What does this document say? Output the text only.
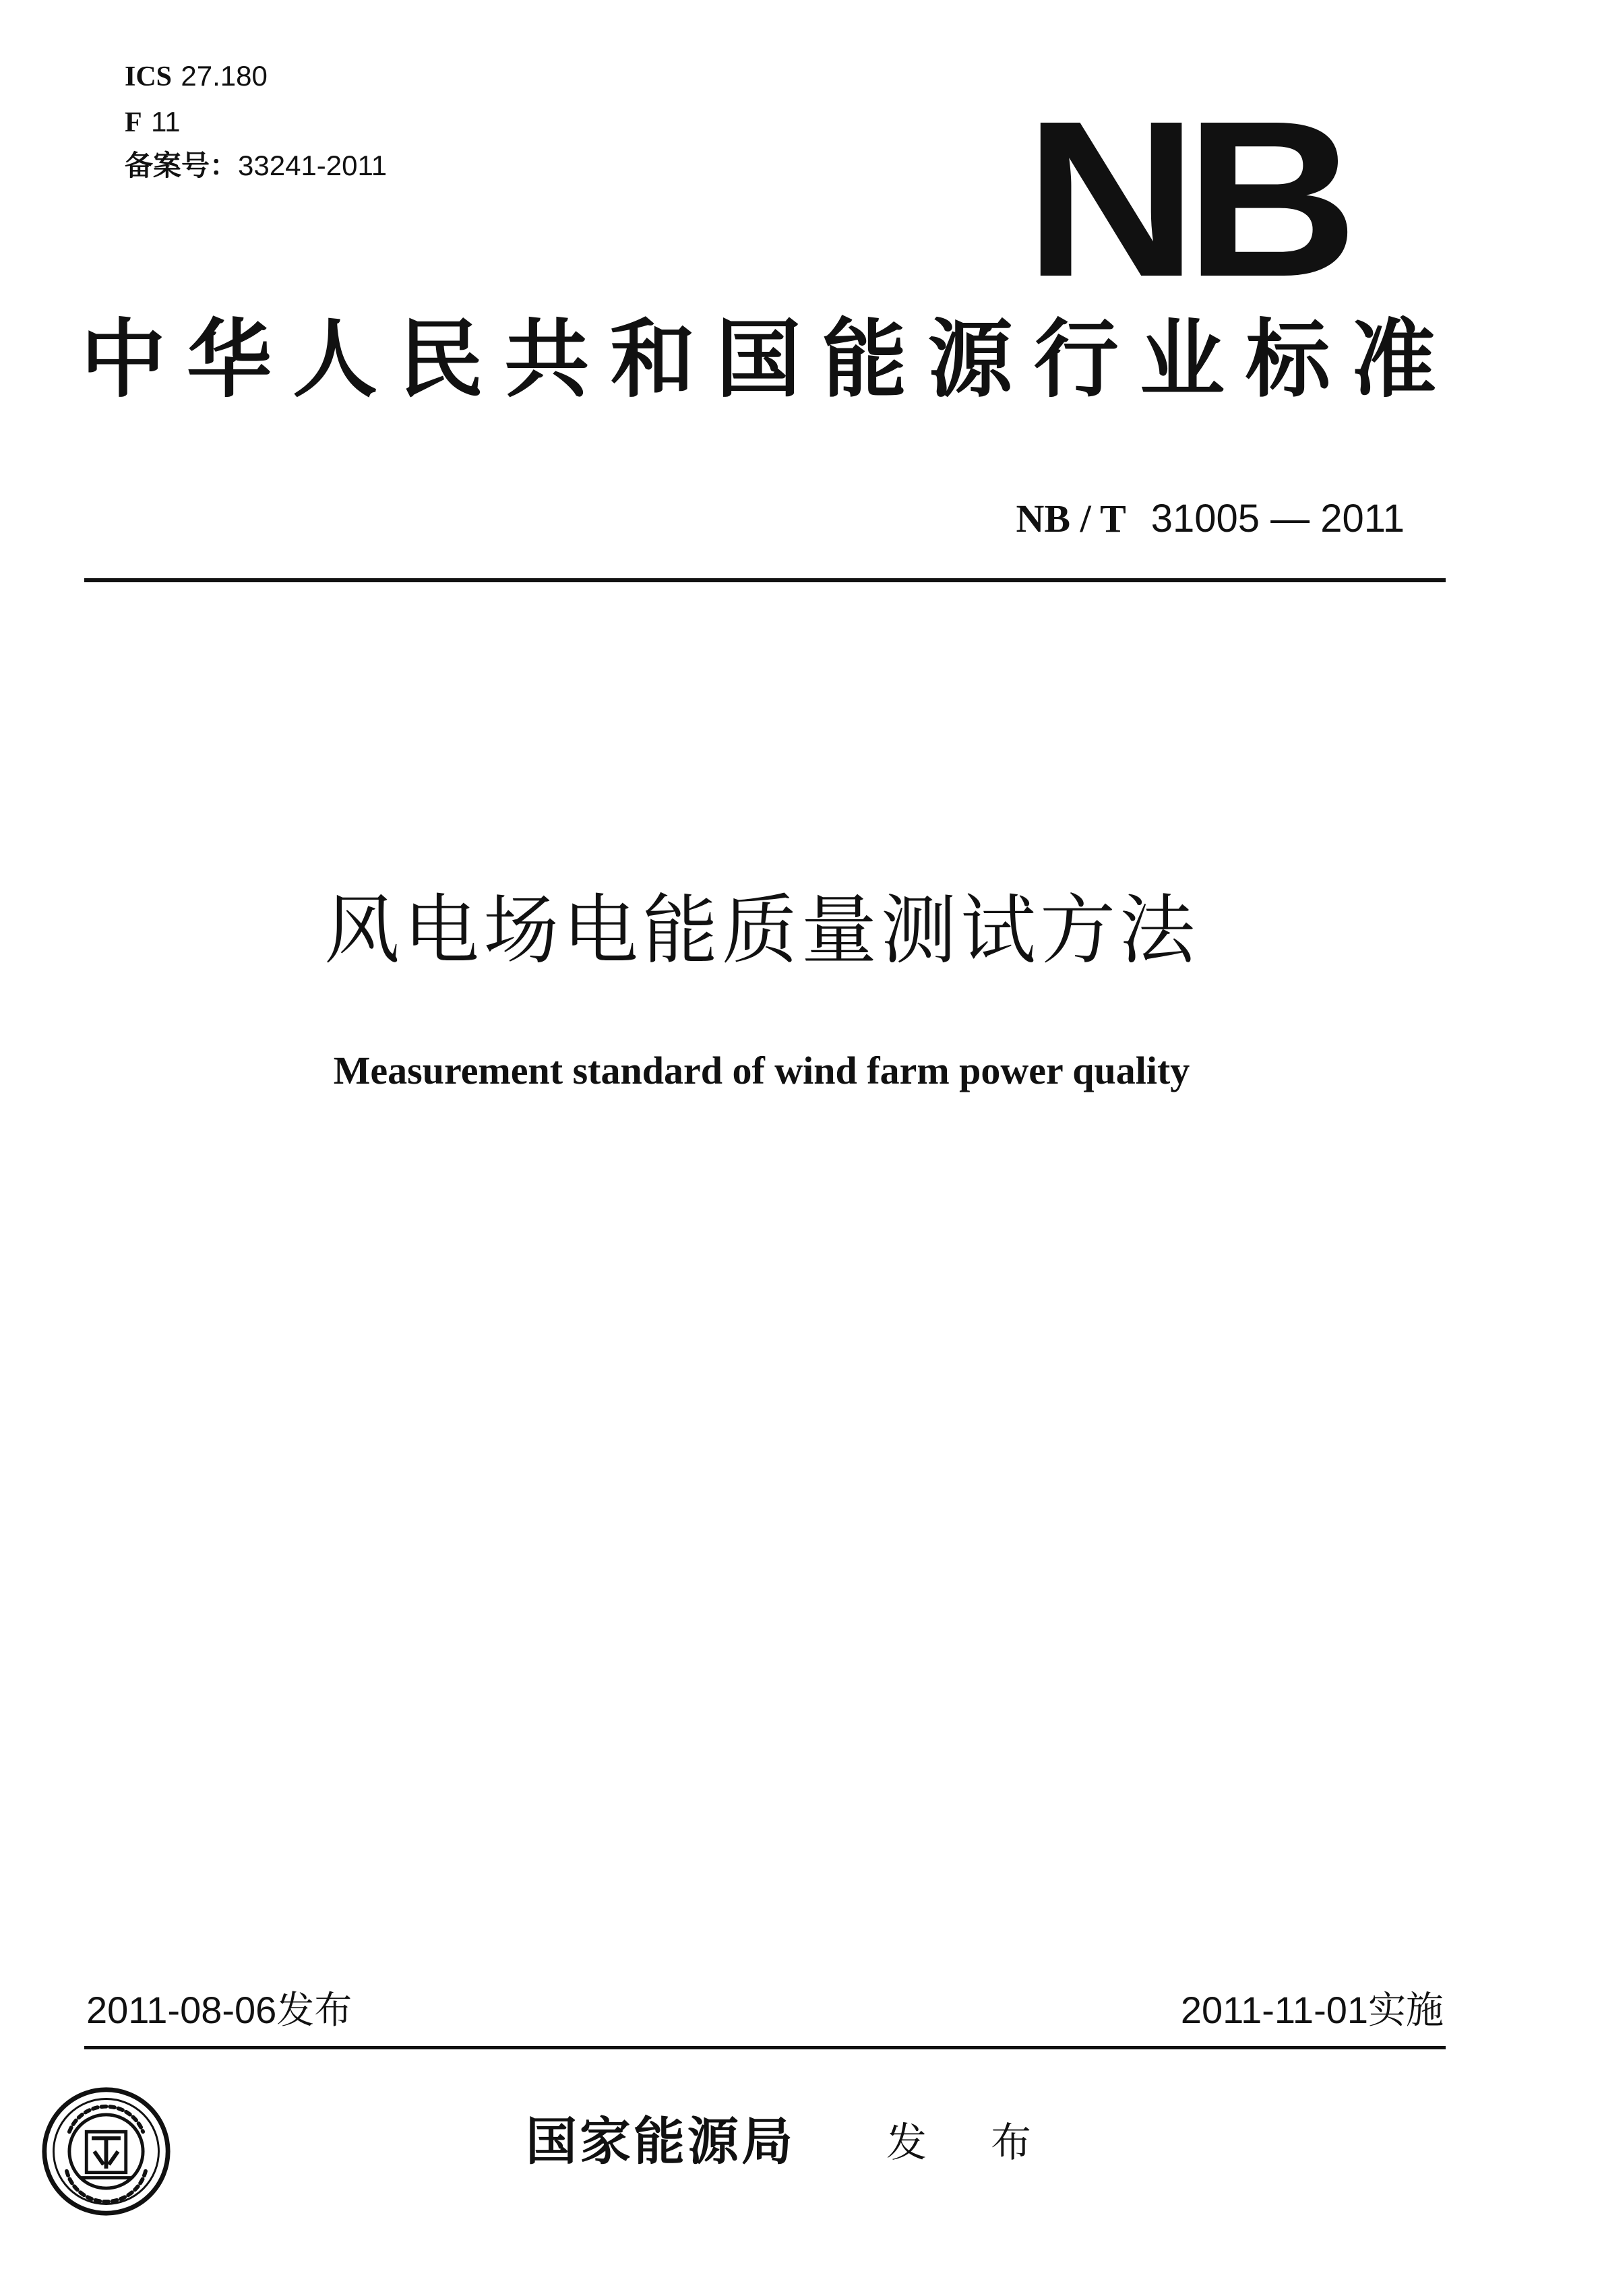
ICS 27.180
F 11
备案号：33241-2011	NB
中华人民共和国能源行业标准
NB / T 31005 — 2011
风电场电能质量测试方法
Measurement standard of wind farm power quality
2011-08-06发布	2011-11-01实施
国家能源局 发 布
